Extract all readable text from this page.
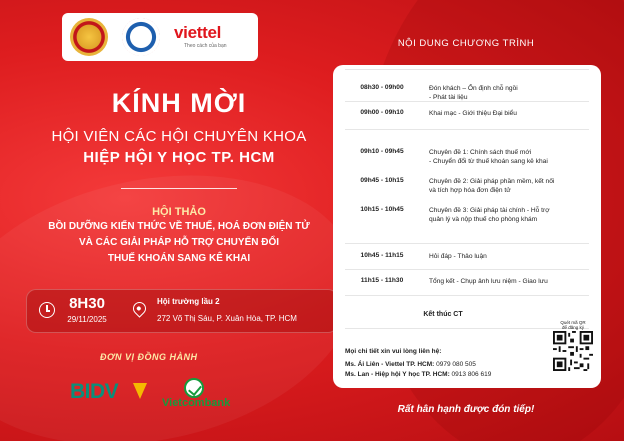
viettel
Theo cách của bạn
KÍNH MỜI
HỘI VIÊN CÁC HỘI CHUYÊN KHOA
HIỆP HỘI Y HỌC TP. HCM
HỘI THẢO
BỒI DƯỠNG KIẾN THỨC VỀ THUẾ, HOÁ ĐƠN ĐIỆN TỬ
VÀ CÁC GIẢI PHÁP HỖ TRỢ CHUYỂN ĐỔI
THUẾ KHOÁN SANG KÊ KHAI
8H30
29/11/2025
Hội trường lầu 2
272 Võ Thị Sáu, P. Xuân Hòa, TP. HCM
ĐƠN VỊ ĐỒNG HÀNH
BIDV	Vietcombank
NỘI DUNG CHƯƠNG TRÌNH
08h30 - 09h00	Đón khách – Ổn định chỗ ngồi
- Phát tài liệu
09h00 - 09h10	Khai mạc - Giới thiệu Đại biểu
09h10 - 09h45	Chuyên đề 1: Chính sách thuế mới
- Chuyển đổi từ thuế khoán sang kê khai
09h45 - 10h15	Chuyên đề 2: Giải pháp phần mềm, kết nối
và tích hợp hóa đơn điện tử
10h15 - 10h45	Chuyên đề 3: Giải pháp tài chính - Hỗ trợ
quản lý và nộp thuế cho phòng khám
10h45 - 11h15	Hỏi đáp - Thảo luận
11h15 - 11h30	Tổng kết - Chụp ảnh lưu niệm - Giao lưu
Kết thúc CT
Mọi chi tiết xin vui lòng liên hệ:
Ms. Ái Liên - Viettel TP. HCM: 0979 080 505
Ms. Lan - Hiệp hội Y học TP. HCM: 0913 806 619
Quét mã QR
để đăng ký
Rất hân hạnh được đón tiếp!
